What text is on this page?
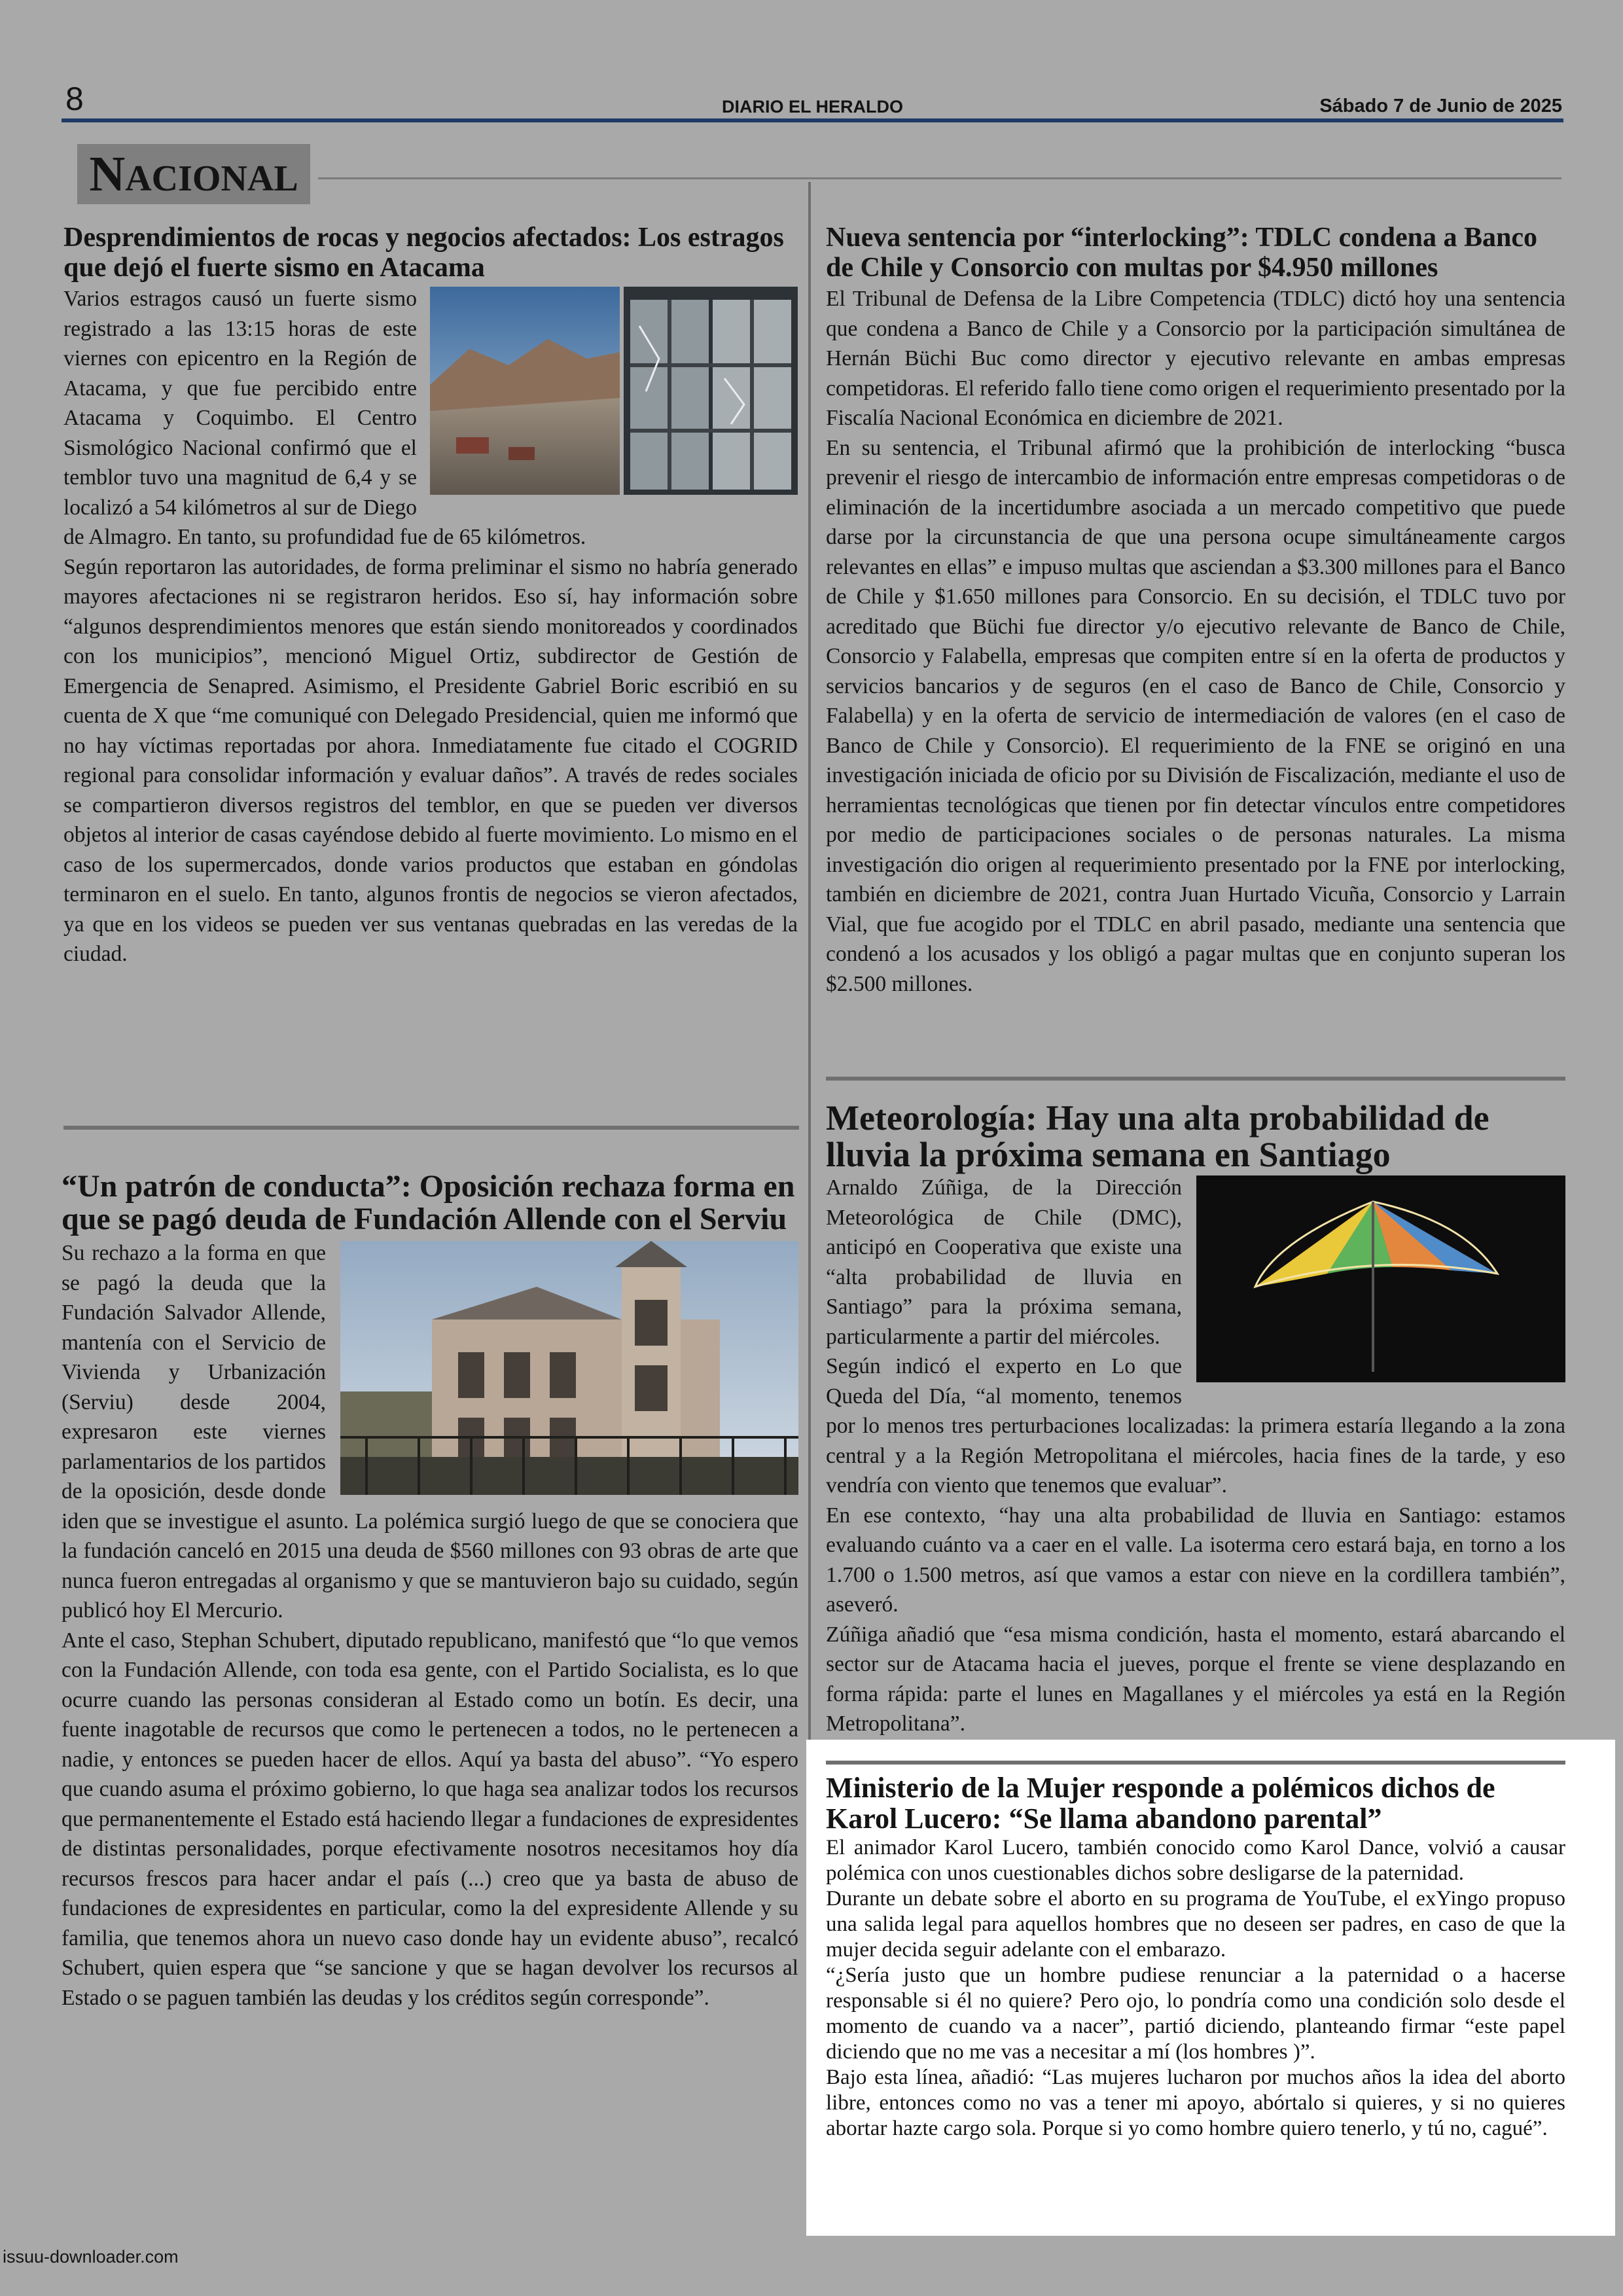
8	DIARIO EL HERALDO	Sábado 7 de Junio de 2025
NACIONAL
Desprendimientos de rocas y negocios afectados: Los estragos que dejó el fuerte sismo en Atacama

Varios estragos causó un fuerte sismo registrado a las 13:15 horas de este viernes con epicentro en la Región de Atacama, y que fue percibido entre Atacama y Coquimbo. El Centro Sismológico Nacional confirmó que el temblor tuvo una magnitud de 6,4 y se localizó a 54 kilómetros al sur de Diego de Almagro. En tanto, su profundidad fue de 65 kilómetros.

Según reportaron las autoridades, de forma preliminar el sismo no habría generado mayores afectaciones ni se registraron heridos. Eso sí, hay información sobre “algunos desprendimientos menores que están siendo monitoreados y coordinados con los municipios”, mencionó Miguel Ortiz, subdirector de Gestión de Emergencia de Senapred. Asimismo, el Presidente Gabriel Boric escribió en su cuenta de X que “me comuniqué con Delegado Presidencial, quien me informó que no hay víctimas reportadas por ahora. Inmediatamente fue citado el COGRID regional para consolidar información y evaluar daños”. A través de redes sociales se compartieron diversos registros del temblor, en que se pueden ver diversos objetos al interior de casas cayéndose debido al fuerte movimiento. Lo mismo en el caso de los supermercados, donde varios productos que estaban en góndolas terminaron en el suelo. En tanto, algunos frontis de negocios se vieron afectados, ya que en los videos se pueden ver sus ventanas quebradas en las veredas de la ciudad.

“Un patrón de conducta”: Oposición rechaza forma en que se pagó deuda de Fundación Allende con el Serviu

Su rechazo a la forma en que se pagó la deuda que la Fundación Salvador Allende, mantenía con el Servicio de Vivienda y Urbanización (Serviu) desde 2004, expresaron este viernes parlamentarios de los partidos de la oposición, desde donde iden que se investigue el asunto. La polémica surgió luego de que se conociera que la fundación canceló en 2015 una deuda de $560 millones con 93 obras de arte que nunca fueron entregadas al organismo y que se mantuvieron bajo su cuidado, según publicó hoy El Mercurio.

Ante el caso, Stephan Schubert, diputado republicano, manifestó que “lo que vemos con la Fundación Allende, con toda esa gente, con el Partido Socialista, es lo que ocurre cuando las personas consideran al Estado como un botín. Es decir, una fuente inagotable de recursos que como le pertenecen a todos, no le pertenecen a nadie, y entonces se pueden hacer de ellos. Aquí ya basta del abuso”. “Yo espero que cuando asuma el próximo gobierno, lo que haga sea analizar todos los recursos que permanentemente el Estado está haciendo llegar a fundaciones de expresidentes de distintas personalidades, porque efectivamente nosotros necesitamos hoy día recursos frescos para hacer andar el país (...) creo que ya basta de abuso de fundaciones de expresidentes en particular, como la del expresidente Allende y su familia, que tenemos ahora un nuevo caso donde hay un evidente abuso”, recalcó Schubert, quien espera que “se sancione y que se hagan devolver los recursos al Estado o se paguen también las deudas y los créditos según corresponde”.

Nueva sentencia por “interlocking”: TDLC condena a Banco de Chile y Consorcio con multas por $4.950 millones

El Tribunal de Defensa de la Libre Competencia (TDLC) dictó hoy una sentencia que condena a Banco de Chile y a Consorcio por la participación simultánea de Hernán Büchi Buc como director y ejecutivo relevante en ambas empresas competidoras. El referido fallo tiene como origen el requerimiento presentado por la Fiscalía Nacional Económica en diciembre de 2021.

En su sentencia, el Tribunal afirmó que la prohibición de interlocking “busca prevenir el riesgo de intercambio de información entre empresas competidoras o de eliminación de la incertidumbre asociada a un mercado competitivo que puede darse por la circunstancia de que una persona ocupe simultáneamente cargos relevantes en ellas” e impuso multas que asciendan a $3.300 millones para el Banco de Chile y $1.650 millones para Consorcio. En su decisión, el TDLC tuvo por acreditado que Büchi fue director y/o ejecutivo relevante de Banco de Chile, Consorcio y Falabella, empresas que compiten entre sí en la oferta de productos y servicios bancarios y de seguros (en el caso de Banco de Chile, Consorcio y Falabella) y en la oferta de servicio de intermediación de valores (en el caso de Banco de Chile y Consorcio). El requerimiento de la FNE se originó en una investigación iniciada de oficio por su División de Fiscalización, mediante el uso de herramientas tecnológicas que tienen por fin detectar vínculos entre competidores por medio de participaciones sociales o de personas naturales. La misma investigación dio origen al requerimiento presentado por la FNE por interlocking, también en diciembre de 2021, contra Juan Hurtado Vicuña, Consorcio y Larrain Vial, que fue acogido por el TDLC en abril pasado, mediante una sentencia que condenó a los acusados y los obligó a pagar multas que en conjunto superan los $2.500 millones.

Meteorología: Hay una alta probabilidad de lluvia la próxima semana en Santiago

Arnaldo Zúñiga, de la Dirección Meteorológica de Chile (DMC), anticipó en Cooperativa que existe una “alta probabilidad de lluvia en Santiago” para la próxima semana, particularmente a partir del miércoles.

Según indicó el experto en Lo que Queda del Día, “al momento, tenemos por lo menos tres perturbaciones localizadas: la primera estaría llegando a la zona central y a la Región Metropolitana el miércoles, hacia fines de la tarde, y eso vendría con viento que tenemos que evaluar”.

En ese contexto, “hay una alta probabilidad de lluvia en Santiago: estamos evaluando cuánto va a caer en el valle. La isoterma cero estará baja, en torno a los 1.700 o 1.500 metros, así que vamos a estar con nieve en la cordillera también”, aseveró.

Zúñiga añadió que “esa misma condición, hasta el momento, estará abarcando el sector sur de Atacama hacia el jueves, porque el frente se viene desplazando en forma rápida: parte el lunes en Magallanes y el miércoles ya está en la Región Metropolitana”.

Ministerio de la Mujer responde a polémicos dichos de Karol Lucero: “Se llama abandono parental”

El animador Karol Lucero, también conocido como Karol Dance, volvió a causar polémica con unos cuestionables dichos sobre desligarse de la paternidad.

Durante un debate sobre el aborto en su programa de YouTube, el exYingo propuso una salida legal para aquellos hombres que no deseen ser padres, en caso de que la mujer decida seguir adelante con el embarazo.

“¿Sería justo que un hombre pudiese renunciar a la paternidad o a hacerse responsable si él no quiere? Pero ojo, lo pondría como una condición solo desde el momento de cuando va a nacer”, partió diciendo, planteando firmar “este papel diciendo que no me vas a necesitar a mí (los hombres )”.

Bajo esta línea, añadió: “Las mujeres lucharon por muchos años la idea del aborto libre, entonces como no vas a tener mi apoyo, abórtalo si quieres, y si no quieres abortar hazte cargo sola. Porque si yo como hombre quiero tenerlo, y tú no, cagué”.

issuu-downloader.com
